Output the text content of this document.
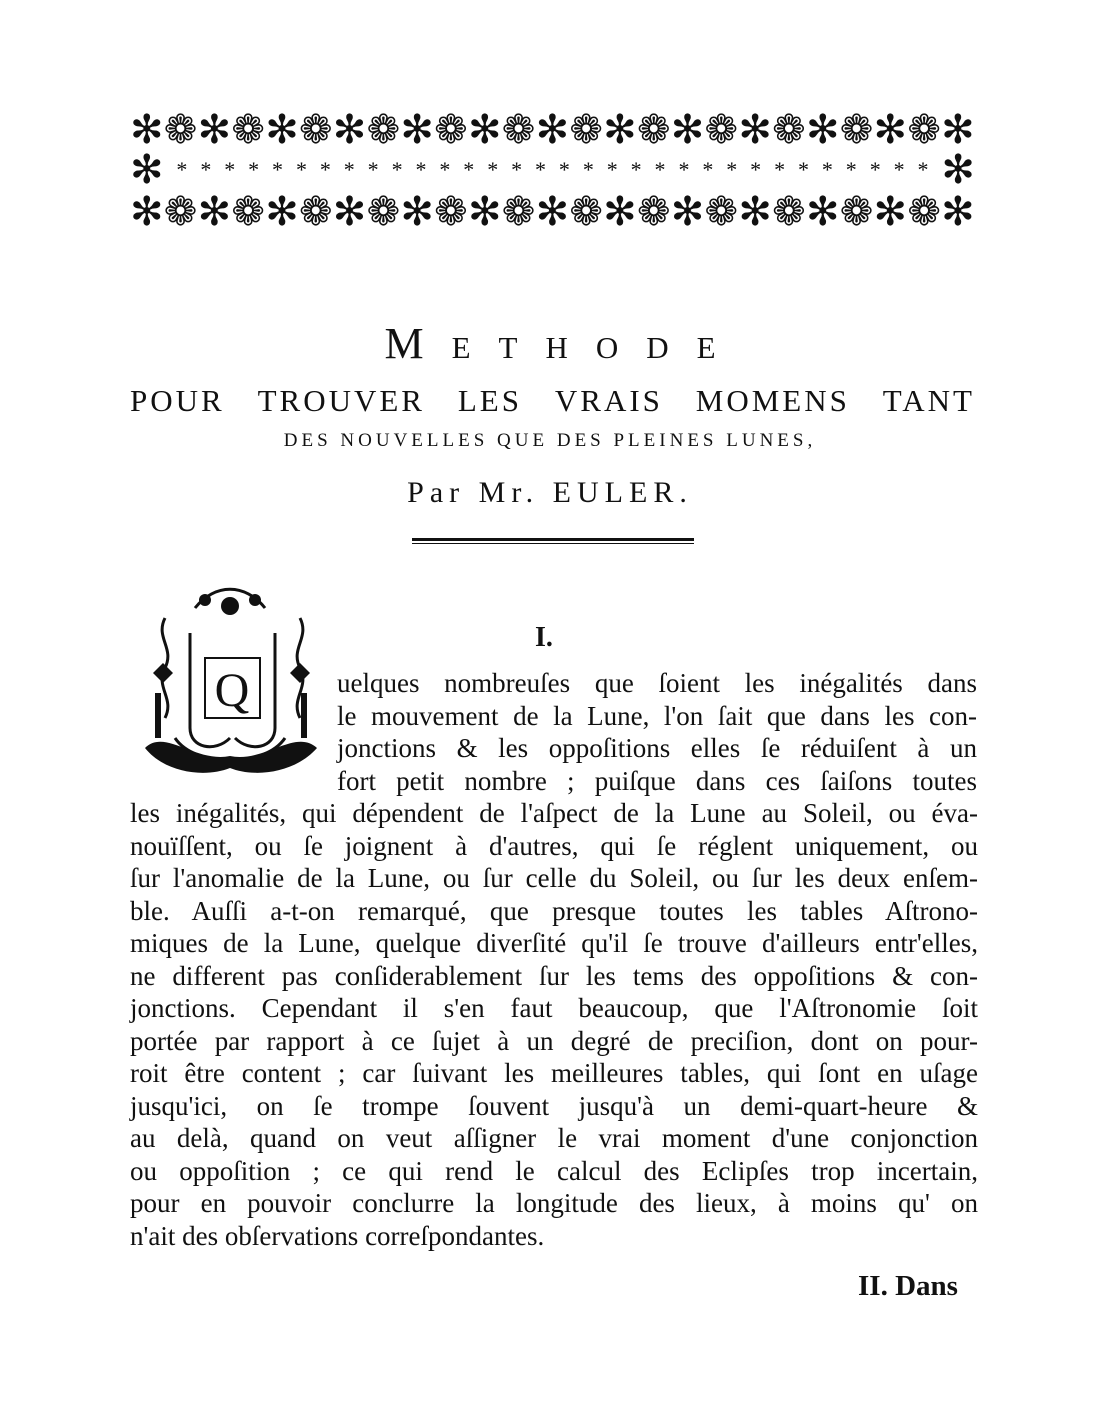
✻ ❁ ✻ ❁ ✻ ❁ ✻ ❁ ✻ ❁ ✻ ❁ ✻ ❁ ✻ ❁ ✻ ❁ ✻ ❁ ✻ ❁ ✻ ❁ ✻
✻ * * * * * * * * * * * * * * * * * * * * * * * * * * * * * * * * ✻
✻ ❁ ✻ ❁ ✻ ❁ ✻ ❁ ✻ ❁ ✻ ❁ ✻ ❁ ✻ ❁ ✻ ❁ ✻ ❁ ✻ ❁ ✻ ❁ ✻
Methode
POUR TROUVER LES VRAIS MOMENS TANT
DES NOUVELLES QUE DES PLEINES LUNES,
Par Mr. EULER.
Q
I.
uelques nombreuſes que ſoient les inégalités dans
le mouvement de la Lune, l'on ſait que dans les con-
jonctions & les oppoſitions elles ſe réduiſent à un
fort petit nombre ; puiſque dans ces ſaiſons toutes
les inégalités, qui dépendent de l'aſpect de la Lune au Soleil, ou éva-
nouïſſent, ou ſe joignent à d'autres, qui ſe réglent uniquement, ou
ſur l'anomalie de la Lune, ou ſur celle du Soleil, ou ſur les deux enſem-
ble. Auſſi a-t-on remarqué, que presque toutes les tables Aſtrono-
miques de la Lune, quelque diverſité qu'il ſe trouve d'ailleurs entr'elles,
ne different pas conſiderablement ſur les tems des oppoſitions & con-
jonctions. Cependant il s'en faut beaucoup, que l'Aſtronomie ſoit
portée par rapport à ce ſujet à un degré de preciſion, dont on pour-
roit être content ; car ſuivant les meilleures tables, qui ſont en uſage
jusqu'ici, on ſe trompe ſouvent jusqu'à un demi-quart-heure &
au delà, quand on veut aſſigner le vrai moment d'une conjonction
ou oppoſition ; ce qui rend le calcul des Eclipſes trop incertain,
pour en pouvoir conclurre la longitude des lieux, à moins qu' on
n'ait des obſervations correſpondantes.
II. Dans
